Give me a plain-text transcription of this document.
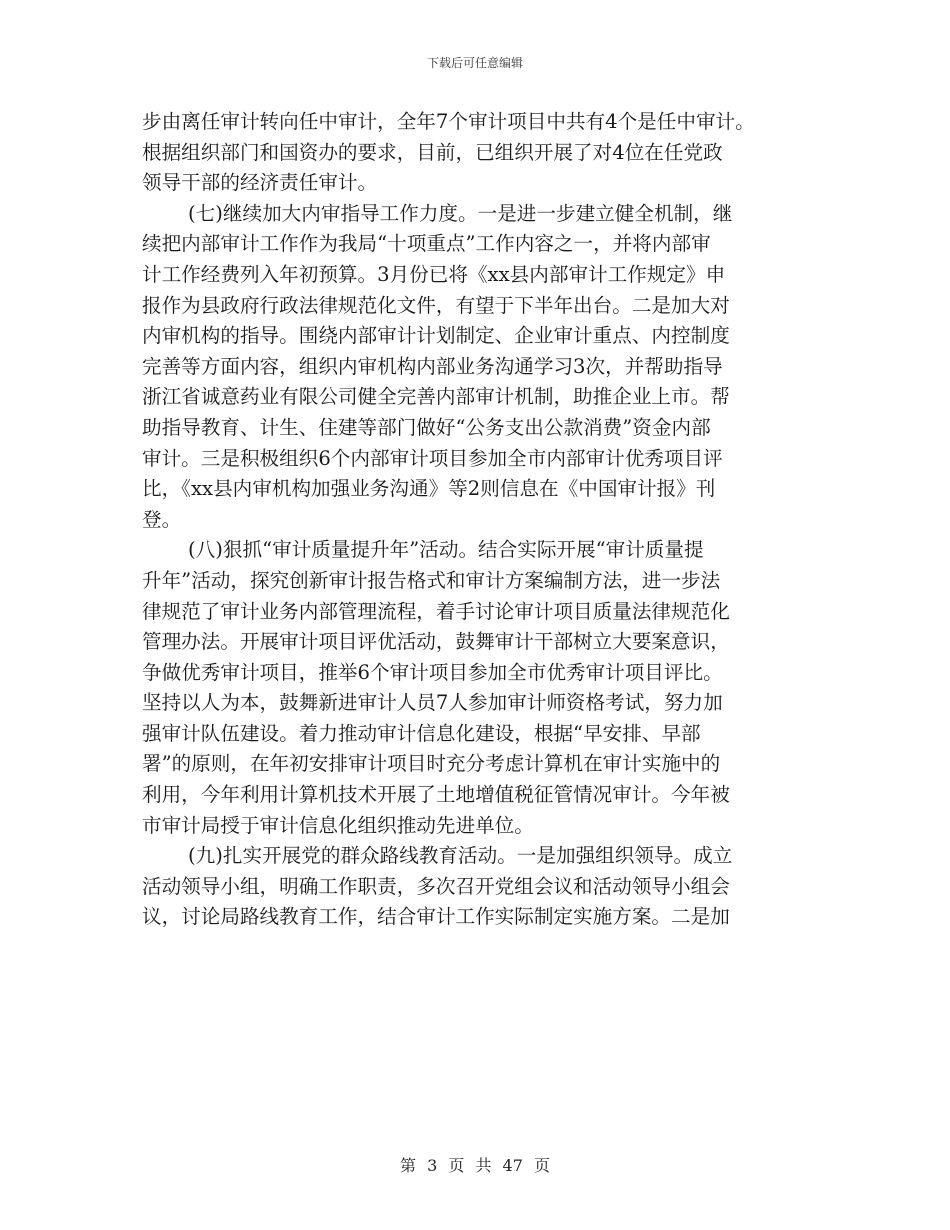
下载后可任意编辑
步由离任审计转向任中审计，全年7个审计项目中共有4个是任中审计。
根据组织部门和国资办的要求，目前，已组织开展了对4位在任党政
领导干部的经济责任审计。
(七)继续加大内审指导工作力度。一是进一步建立健全机制，继
续把内部审计工作作为我局“十项重点”工作内容之一，并将内部审
计工作经费列入年初预算。3月份已将《xx县内部审计工作规定》申
报作为县政府行政法律规范化文件，有望于下半年出台。二是加大对
内审机构的指导。围绕内部审计计划制定、企业审计重点、内控制度
完善等方面内容，组织内审机构内部业务沟通学习3次，并帮助指导
浙江省诚意药业有限公司健全完善内部审计机制，助推企业上市。帮
助指导教育、计生、住建等部门做好“公务支出公款消费”资金内部
审计。三是积极组织6个内部审计项目参加全市内部审计优秀项目评
比，《xx县内审机构加强业务沟通》等2则信息在《中国审计报》刊
登。
(八)狠抓“审计质量提升年”活动。结合实际开展“审计质量提
升年”活动，探究创新审计报告格式和审计方案编制方法，进一步法
律规范了审计业务内部管理流程，着手讨论审计项目质量法律规范化
管理办法。开展审计项目评优活动，鼓舞审计干部树立大要案意识，
争做优秀审计项目，推举6个审计项目参加全市优秀审计项目评比。
坚持以人为本，鼓舞新进审计人员7人参加审计师资格考试，努力加
强审计队伍建设。着力推动审计信息化建设，根据“早安排、早部
署”的原则，在年初安排审计项目时充分考虑计算机在审计实施中的
利用，今年利用计算机技术开展了土地增值税征管情况审计。今年被
市审计局授于审计信息化组织推动先进单位。
(九)扎实开展党的群众路线教育活动。一是加强组织领导。成立
活动领导小组，明确工作职责，多次召开党组会议和活动领导小组会
议，讨论局路线教育工作，结合审计工作实际制定实施方案。二是加
第 3 页 共 47 页
